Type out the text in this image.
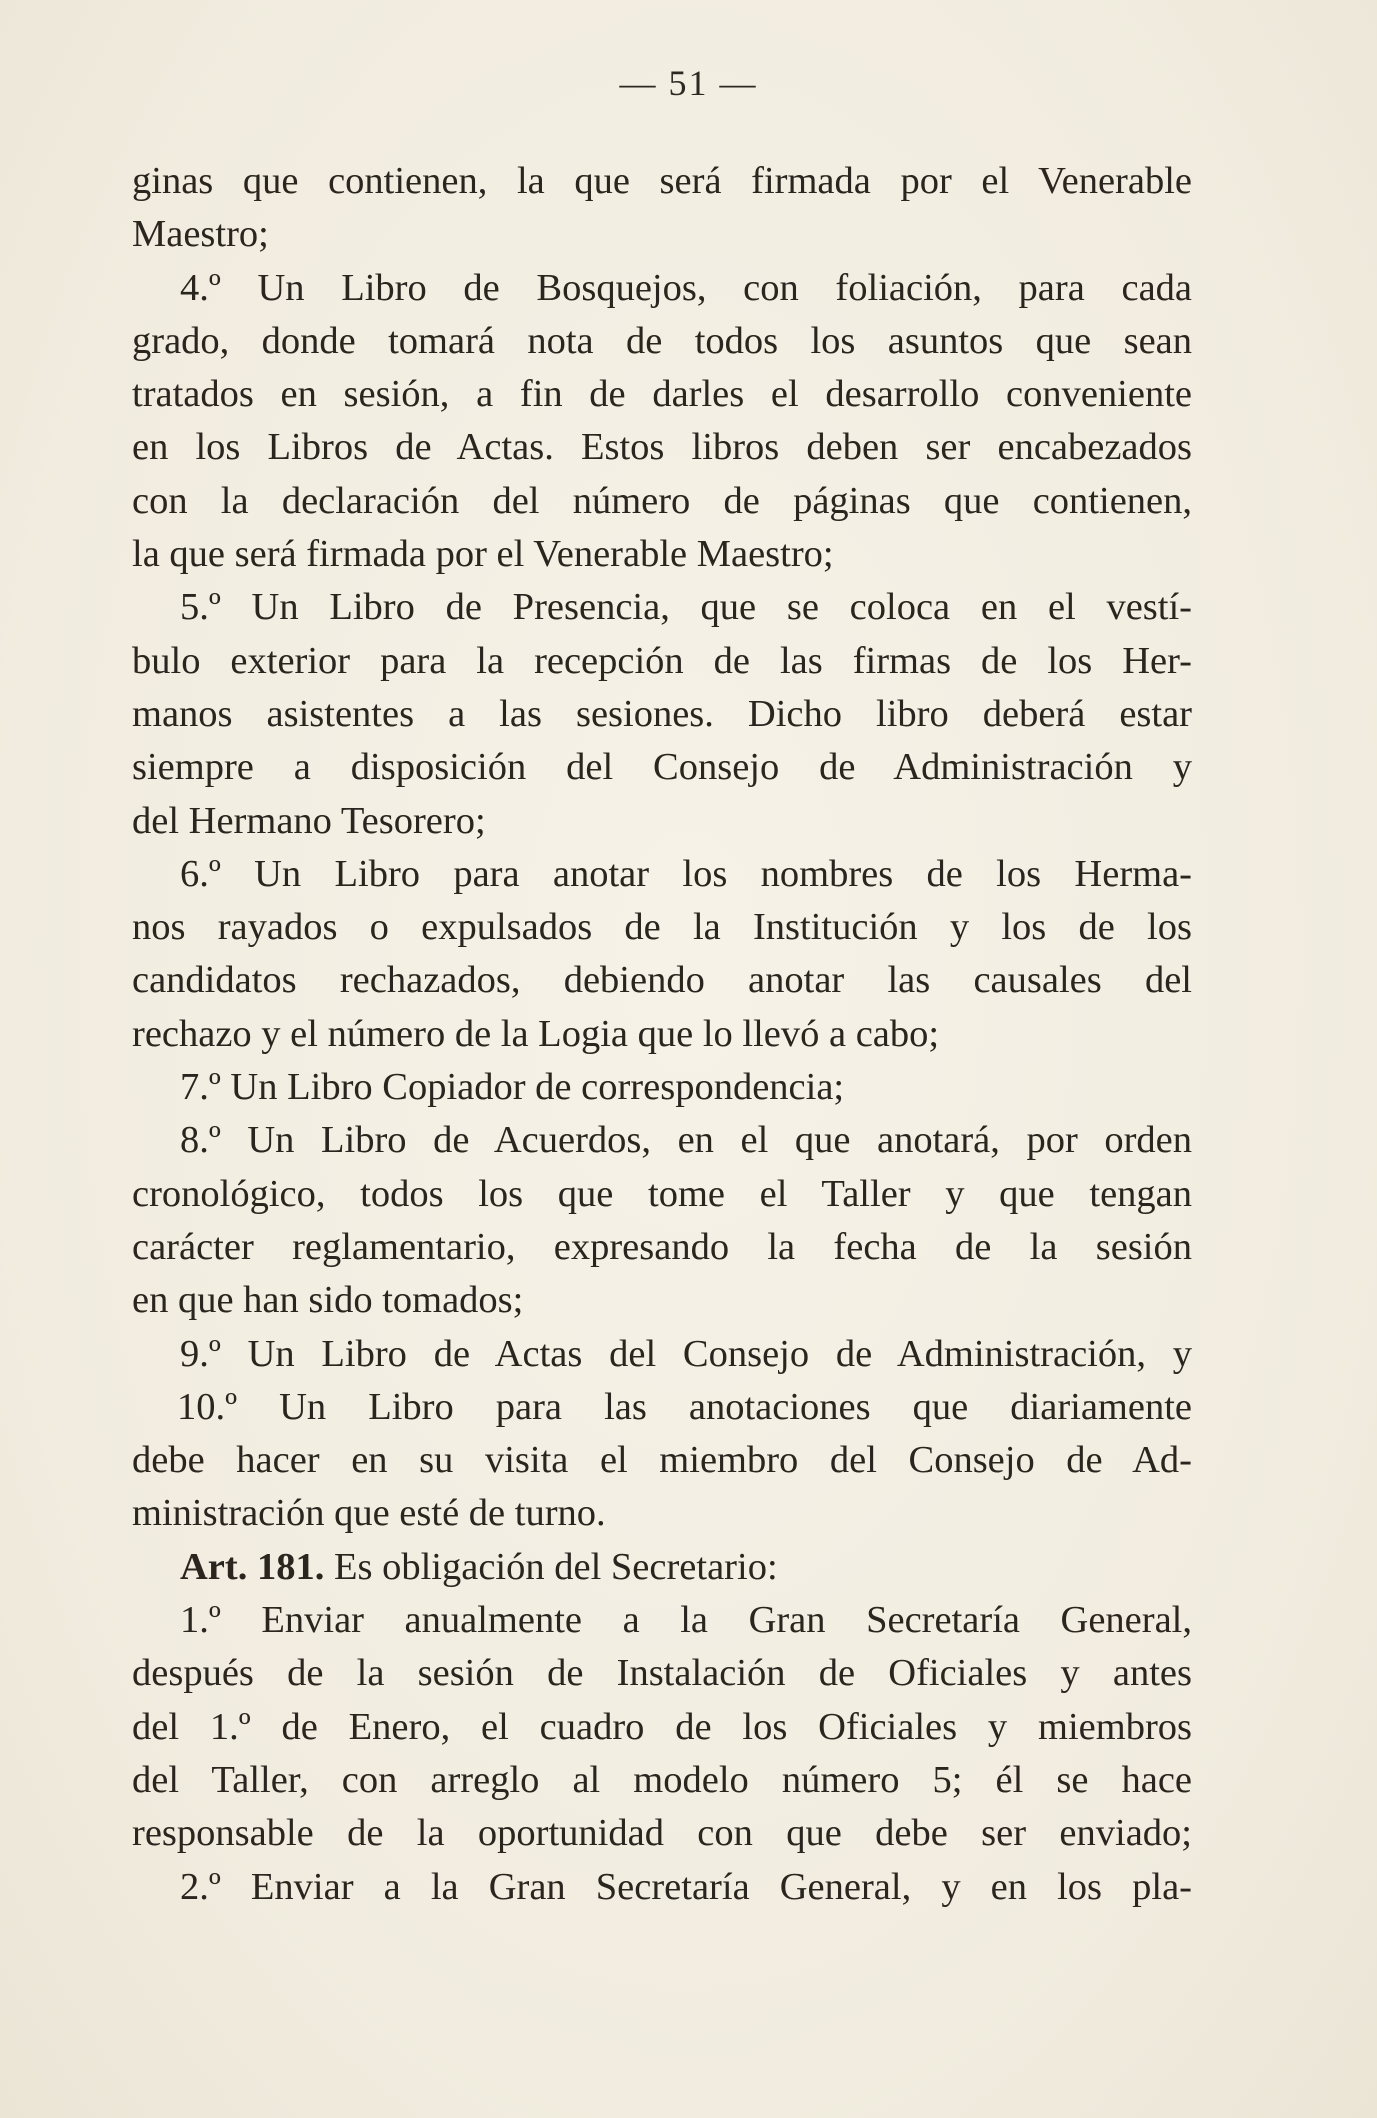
— 51 —
ginas que contienen, la que será firmada por el Venerable
Maestro;
4.º Un Libro de Bosquejos, con foliación, para cada
grado, donde tomará nota de todos los asuntos que sean
tratados en sesión, a fin de darles el desarrollo conveniente
en los Libros de Actas. Estos libros deben ser encabezados
con la declaración del número de páginas que contienen,
la que será firmada por el Venerable Maestro;
5.º Un Libro de Presencia, que se coloca en el vestí-
bulo exterior para la recepción de las firmas de los Her-
manos asistentes a las sesiones. Dicho libro deberá estar
siempre a disposición del Consejo de Administración y
del Hermano Tesorero;
6.º Un Libro para anotar los nombres de los Herma-
nos rayados o expulsados de la Institución y los de los
candidatos rechazados, debiendo anotar las causales del
rechazo y el número de la Logia que lo llevó a cabo;
7.º Un Libro Copiador de correspondencia;
8.º Un Libro de Acuerdos, en el que anotará, por orden
cronológico, todos los que tome el Taller y que tengan
carácter reglamentario, expresando la fecha de la sesión
en que han sido tomados;
9.º Un Libro de Actas del Consejo de Administración, y
10.º Un Libro para las anotaciones que diariamente
debe hacer en su visita el miembro del Consejo de Ad-
ministración que esté de turno.
Art. 181. Es obligación del Secretario:
1.º Enviar anualmente a la Gran Secretaría General,
después de la sesión de Instalación de Oficiales y antes
del 1.º de Enero, el cuadro de los Oficiales y miembros
del Taller, con arreglo al modelo número 5; él se hace
responsable de la oportunidad con que debe ser enviado;
2.º Enviar a la Gran Secretaría General, y en los pla-
